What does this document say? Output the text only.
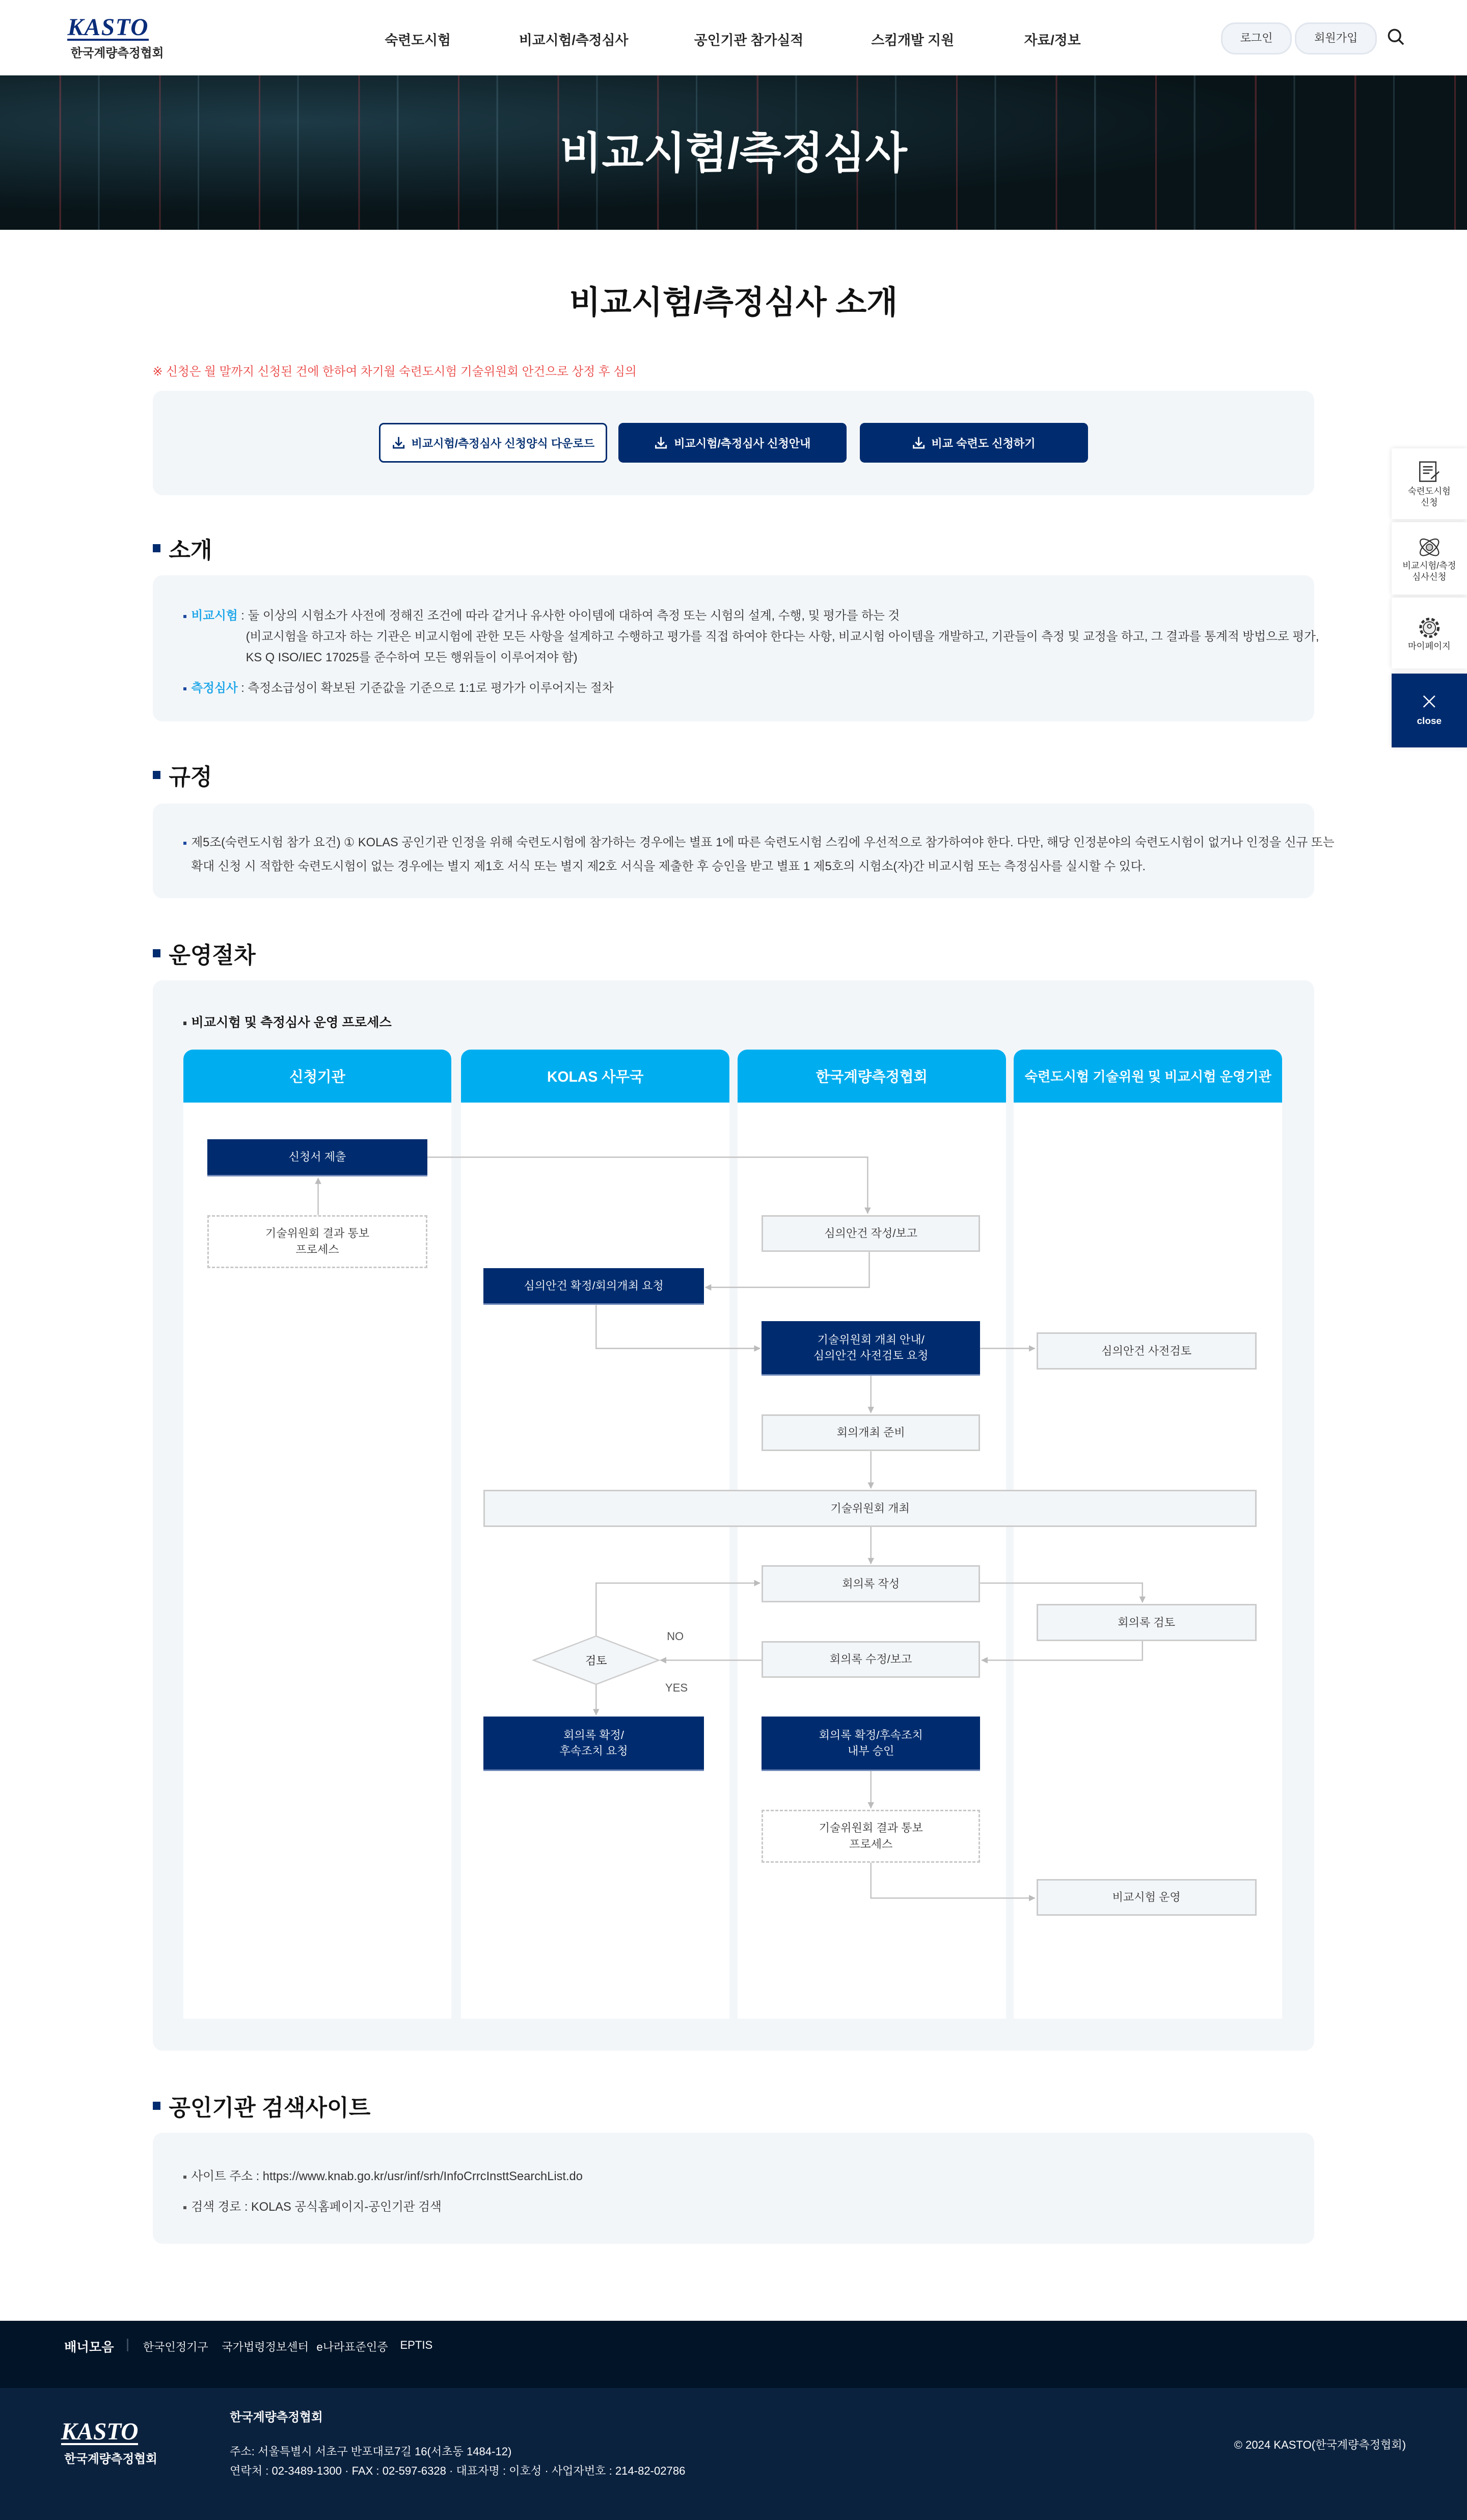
KASTO
한국계량측정협회
숙련도시험	비교시험/측정심사	공인기관 참가실적	스킴개발 지원	자료/정보	로그인	회원가입
비교시험/측정심사
비교시험/측정심사 소개
※ 신청은 월 말까지 신청된 건에 한하여 차기월 숙련도시험 기술위원회 안건으로 상정 후 심의
비교시험/측정심사 신청양식 다운로드	비교시험/측정심사 신청안내	비교 숙련도 신청하기
소개
비교시험 : 둘 이상의 시험소가 사전에 정해진 조건에 따라 같거나 유사한 아이템에 대하여 측정 또는 시험의 설계, 수행, 및 평가를 하는 것
(비교시험을 하고자 하는 기관은 비교시험에 관한 모든 사항을 설계하고 수행하고 평가를 직접 하여야 한다는 사항, 비교시험 아이템을 개발하고, 기관들이 측정 및 교정을 하고, 그 결과를 통계적 방법으로 평가,
KS Q ISO/IEC 17025를 준수하여 모든 행위들이 이루어져야 함)
측정심사 : 측정소급성이 확보된 기준값을 기준으로 1:1로 평가가 이루어지는 절차
규정
제5조(숙련도시험 참가 요건) ① KOLAS 공인기관 인정을 위해 숙련도시험에 참가하는 경우에는 별표 1에 따른 숙련도시험 스킴에 우선적으로 참가하여야 한다. 다만, 해당 인정분야의 숙련도시험이 없거나 인정을 신규 또는
확대 신청 시 적합한 숙련도시험이 없는 경우에는 별지 제1호 서식 또는 별지 제2호 서식을 제출한 후 승인을 받고 별표 1 제5호의 시험소(자)간 비교시험 또는 측정심사를 실시할 수 있다.
운영절차
비교시험 및 측정심사 운영 프로세스
신청기관	KOLAS 사무국	한국계량측정협회	숙련도시험 기술위원 및 비교시험 운영기관
신청서 제출
기술위원회 결과 통보
프로세스
심의안건 작성/보고
심의안건 확정/회의개최 요청
기술위원회 개최 안내/
심의안건 사전검토 요청	심의안건 사전검토
회의개최 준비
기술위원회 개최
회의록 작성
회의록 검토
회의록 수정/보고
회의록 확정/
후속조치 요청
회의록 확정/후속조치
내부 승인
기술위원회 결과 통보
프로세스
비교시험 운영
검토
NO
YES
공인기관 검색사이트
사이트 주소 : https://www.knab.go.kr/usr/inf/srh/InfoCrrcInsttSearchList.do
검색 경로 : KOLAS 공식홈페이지-공인기관 검색
숙련도시험
신청
비교시험/측정
심사신청
마이페이지
close
배너모음	한국인정기구	국가법령정보센터 e나라표준인증	EPTIS
KASTO
한국계량측정협회
한국계량측정협회
주소: 서울특별시 서초구 반포대로7길 16(서초동 1484-12)
연락처 : 02-3489-1300 · FAX : 02-597-6328 · 대표자명 : 이호성 · 사업자번호 : 214-82-02786
© 2024 KASTO(한국계량측정협회)
